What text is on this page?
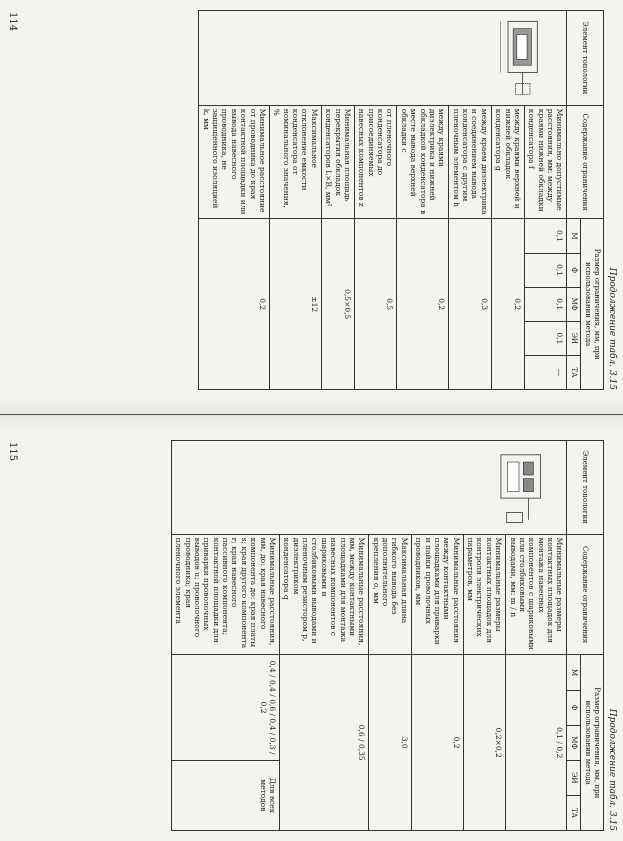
Продолжение табл. 3.15
Элемент топологии	Содержание ограничения	Размер ограничения, мм, при использовании метода				
		М	Ф	МФ	ЭИ	ТА
	Минимально допустимые расстояния, мм: между краями нижней обкладки конденсатора f	0,1	0,1	0,1	0,1	—
	между краями верхней и нижней обкладок конденсатора g	0,2				
	между краем диэлектрика и соединением вывода конденсатора с другим пленочным элементом h	0,3				
	между краями диэлектрика и нижней обкладкой конденсатора в месте вывода верхней обкладки c	0,2				
	от пленочного конденсатора до присоединяемых навесных компонентов z	0,5				
	Минимальная площадь перекрытия обкладок конденсаторов L×B, мм²	0,5×0,5				
	Максимальное отклонение емкости конденсатора от номинального значения, %	±12				
	Минимальное расстояние от проводника до края контактной площадки или вывода навесного проводника, не защищенного изоляцией k, мм	0,2				
114
Продолжение табл. 3.15
Элемент топологии	Содержание ограничения	Размер ограничения, мм, при использовании метода				
		М	Ф	МФ	ЭИ	ТА
	Минимальные размеры контактных площадок для монтажа навесных компонентов с шариковыми или столбиковыми выводами, мм: m / n	0,1 / 0,2				
	Минимальные размеры контактных площадок для контроля электрических параметров, мм	0,2×0,2				
	Минимальные расстояния между контактными площадками для приварки и пайки проволочных проводников, мм	0,2				
	Максимальная длина гибкого вывода без дополнительного крепления o, мм	3,0				
	Минимальные расстояния, мм, между контактными площадками для монтажа навесных компонентов с шариковыми и столбиковыми выводами и пленочным резистором p, диэлектриком конденсатора q	0,6 / 0,35				
	Минимальные расстояния, мм, до: края навесного компонента до: края платы s; края другого компонента r; края навесного пассивного компонента; контактной площадки для приварки проволочных выводов u; проволочного проводника; края пленочного элемента	0,4 / 0,4 / 0,6 / 0,4 / 0,3 / 0,2			Для всех методов	
115
